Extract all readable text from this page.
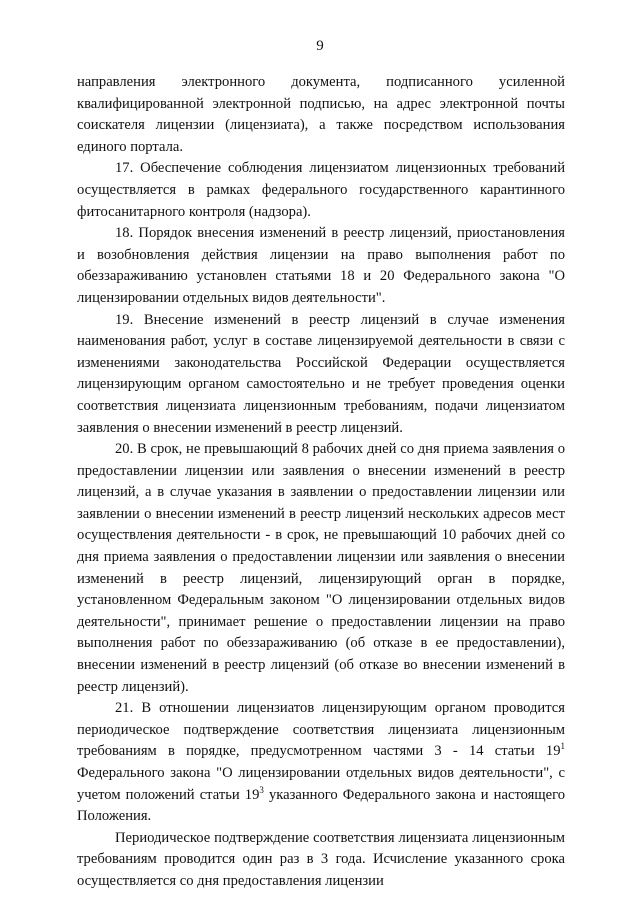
9

направления электронного документа, подписанного усиленной квалифицированной электронной подписью, на адрес электронной почты соискателя лицензии (лицензиата), а также посредством использования единого портала.

17. Обеспечение соблюдения лицензиатом лицензионных требований осуществляется в рамках федерального государственного карантинного фитосанитарного контроля (надзора).

18. Порядок внесения изменений в реестр лицензий, приостановления и возобновления действия лицензии на право выполнения работ по обеззараживанию установлен статьями 18 и 20 Федерального закона "О лицензировании отдельных видов деятельности".

19. Внесение изменений в реестр лицензий в случае изменения наименования работ, услуг в составе лицензируемой деятельности в связи с изменениями законодательства Российской Федерации осуществляется лицензирующим органом самостоятельно и не требует проведения оценки соответствия лицензиата лицензионным требованиям, подачи лицензиатом заявления о внесении изменений в реестр лицензий.

20. В срок, не превышающий 8 рабочих дней со дня приема заявления о предоставлении лицензии или заявления о внесении изменений в реестр лицензий, а в случае указания в заявлении о предоставлении лицензии или заявлении о внесении изменений в реестр лицензий нескольких адресов мест осуществления деятельности - в срок, не превышающий 10 рабочих дней со дня приема заявления о предоставлении лицензии или заявления о внесении изменений в реестр лицензий, лицензирующий орган в порядке, установленном Федеральным законом "О лицензировании отдельных видов деятельности", принимает решение о предоставлении лицензии на право выполнения работ по обеззараживанию (об отказе в ее предоставлении), внесении изменений в реестр лицензий (об отказе во внесении изменений в реестр лицензий).

21. В отношении лицензиатов лицензирующим органом проводится периодическое подтверждение соответствия лицензиата лицензионным требованиям в порядке, предусмотренном частями 3 - 14 статьи $19^1$ Федерального закона "О лицензировании отдельных видов деятельности", с учетом положений статьи $19^3$ указанного Федерального закона и настоящего Положения.

Периодическое подтверждение соответствия лицензиата лицензионным требованиям проводится один раз в 3 года. Исчисление указанного срока осуществляется со дня предоставления лицензии
